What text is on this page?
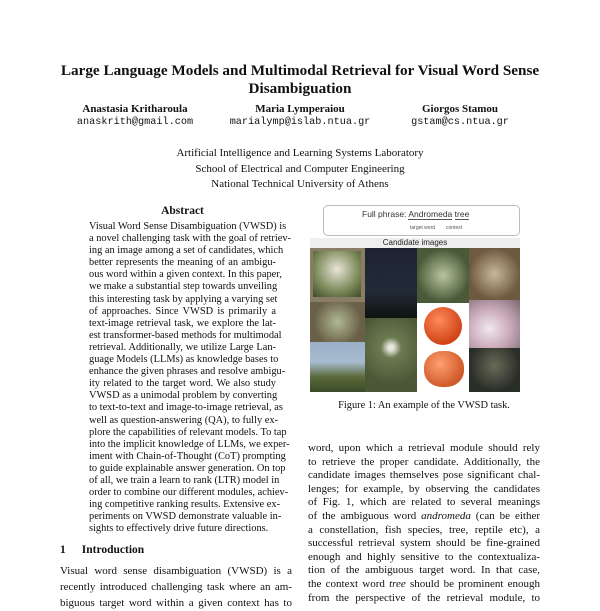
Large Language Models and Multimodal Retrieval for Visual Word Sense Disambiguation
Anastasia Kritharoula
anaskrith@gmail.com
Maria Lymperaiou
marialymp@islab.ntua.gr
Giorgos Stamou
gstam@cs.ntua.gr
Artificial Intelligence and Learning Systems Laboratory
School of Electrical and Computer Engineering
National Technical University of Athens
Abstract
Visual Word Sense Disambiguation (VWSD) is
a novel challenging task with the goal of retriev-
ing an image among a set of candidates, which
better represents the meaning of an ambigu-
ous word within a given context. In this paper,
we make a substantial step towards unveiling
this interesting task by applying a varying set
of approaches. Since VWSD is primarily a
text-image retrieval task, we explore the lat-
est transformer-based methods for multimodal
retrieval. Additionally, we utilize Large Lan-
guage Models (LLMs) as knowledge bases to
enhance the given phrases and resolve ambigu-
ity related to the target word. We also study
VWSD as a unimodal problem by converting
to text-to-text and image-to-image retrieval, as
well as question-answering (QA), to fully ex-
plore the capabilities of relevant models. To tap
into the implicit knowledge of LLMs, we exper-
iment with Chain-of-Thought (CoT) prompting
to guide explainable answer generation. On top
of all, we train a learn to rank (LTR) model in
order to combine our different modules, achiev-
ing competitive ranking results. Extensive ex-
periments on VWSD demonstrate valuable in-
sights to effectively drive future directions.
1 Introduction
Visual word sense disambiguation (VWSD) is a
recently introduced challenging task where an am-
biguous target word within a given context has to
Full phrase: Andromeda tree
target word context
Candidate images
Figure 1: An example of the VWSD task.
word, upon which a retrieval module should rely
to retrieve the proper candidate. Additionally, the
candidate images themselves pose significant chal-
lenges; for example, by observing the candidates
of Fig. 1, which are related to several meanings
of the ambiguous word andromeda (can be either
a constellation, fish species, tree, reptile etc), a
successful retrieval system should be fine-grained
enough and highly sensitive to the contextualiza-
tion of the ambiguous target word. In that case,
the context word tree should be prominent enough
from the perspective of the retrieval module, to
